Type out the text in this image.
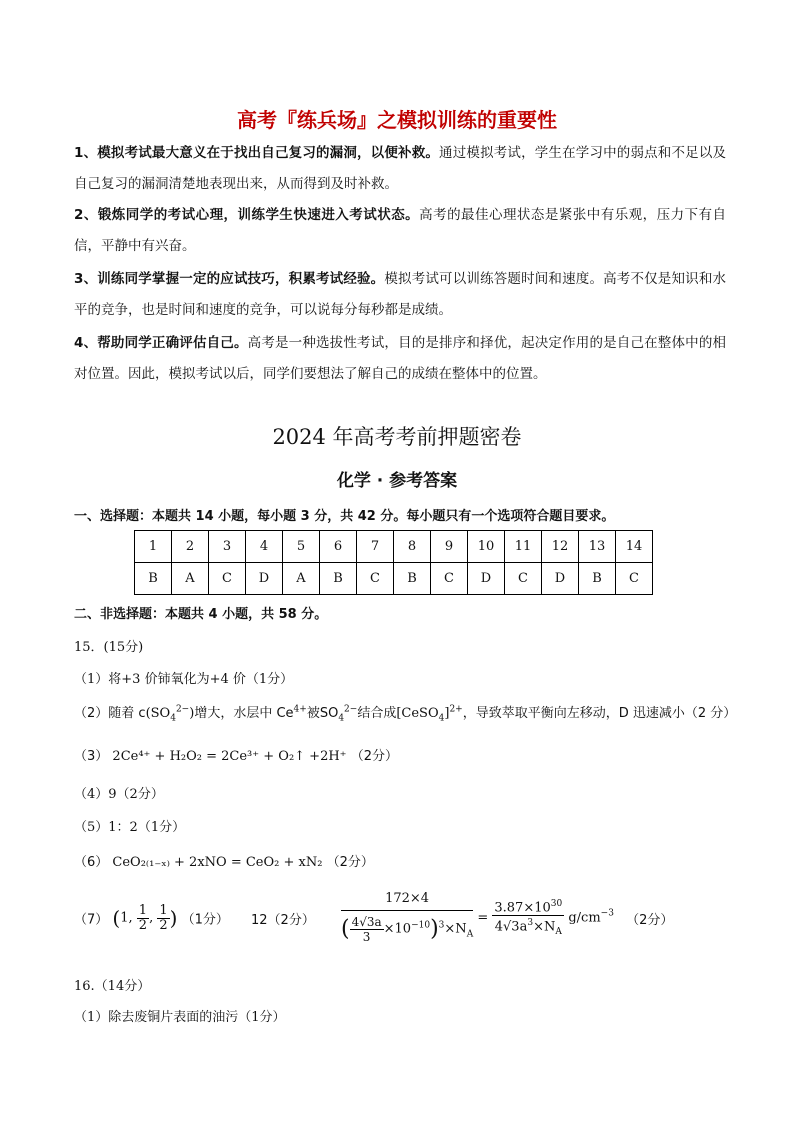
高考『练兵场』之模拟训练的重要性
1、模拟考试最大意义在于找出自己复习的漏洞，以便补救。通过模拟考试，学生在学习中的弱点和不足以及自己复习的漏洞清楚地表现出来，从而得到及时补救。
2、锻炼同学的考试心理，训练学生快速进入考试状态。高考的最佳心理状态是紧张中有乐观，压力下有自信，平静中有兴奋。
3、训练同学掌握一定的应试技巧，积累考试经验。模拟考试可以训练答题时间和速度。高考不仅是知识和水平的竞争，也是时间和速度的竞争，可以说每分每秒都是成绩。
4、帮助同学正确评估自己。高考是一种选拔性考试，目的是排序和择优，起决定作用的是自己在整体中的相对位置。因此，模拟考试以后，同学们要想法了解自己的成绩在整体中的位置。
2024 年高考考前押题密卷
化学 · 参考答案
一、选择题：本题共 14 小题，每小题 3 分，共 42 分。每小题只有一个选项符合题目要求。
1	2	3	4	5	6	7	8	9	10	11	12	13	14
B	A	C	D	A	B	C	B	C	D	C	D	B	C
二、非选择题：本题共 4 小题，共 58 分。
15．(15分)
（1）将+3 价铈氧化为+4 价（1分）
（2）随着 $c(SO_4^{2-})$增大，水层中 $Ce^{4+}$被$SO_4^{2-}$结合成[CeSO$_4$]$^{2+}$，导致萃取平衡向左移动，D 迅速减小（2 分）
（3） 2Ce⁴⁺ + H₂O₂ = 2Ce³⁺ + O₂↑ +2H⁺ （2分）
（4）9（2分）
（5）1：2（1分）
（6） CeO₂₍₁₋ₓ₎ + 2xNO = CeO₂ + xN₂ （2分）
（7） (1, $\frac{1}{2}$ , $\frac{1}{2}$ ) （1分） 12（2分） $\frac{172\times 4}{( \frac{4√3a}{3} \times 10^{-10})^3\times N_A} = \frac{3.87\times 10^{30}}{4√3a^3\times N_A} g/cm^{-3}$ （2分）
16.（14分）
（1）除去废铜片表面的油污（1分）
